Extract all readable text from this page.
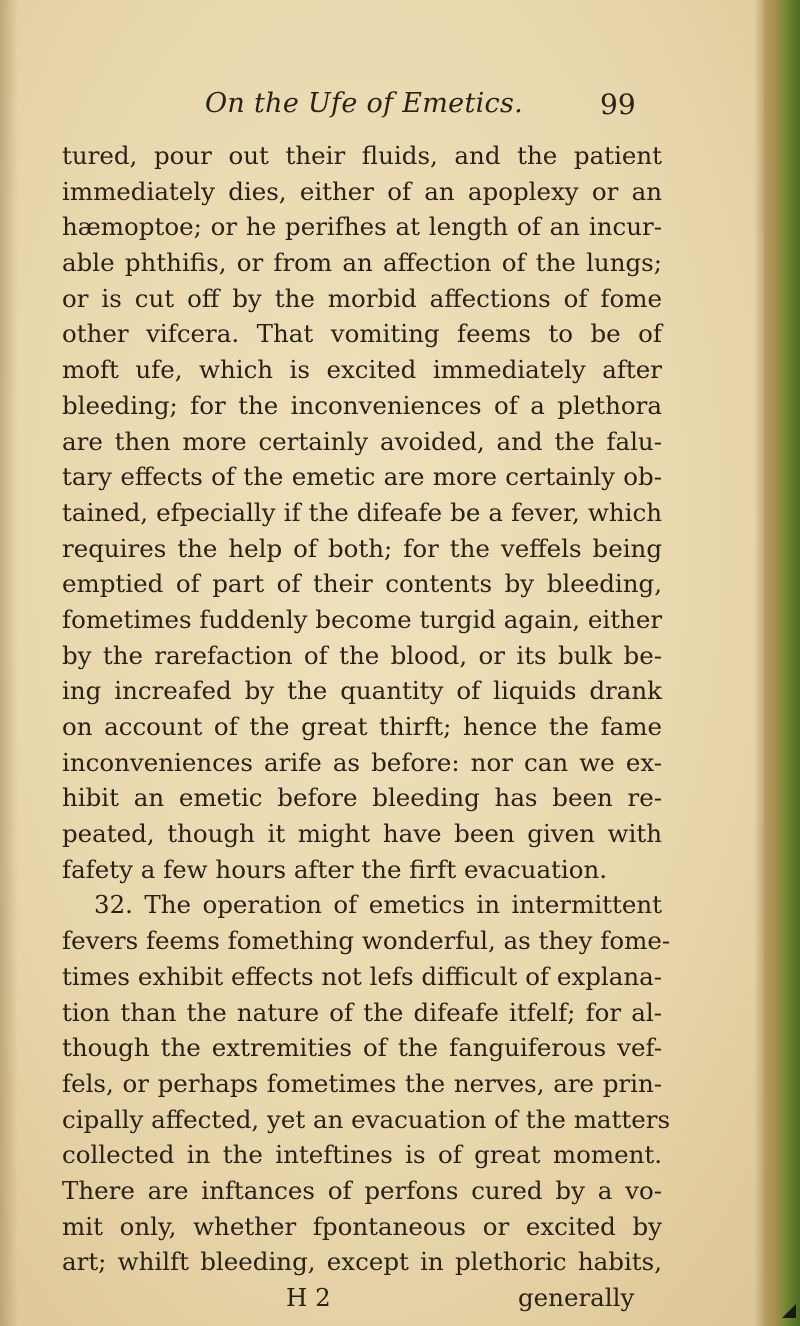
On the Ufe of Emetics.	99
tured, pour out their fluids, and the patient
immediately dies, either of an apoplexy or an
hæmoptoe; or he perifhes at length of an incur-
able phthifis, or from an affection of the lungs;
or is cut off by the morbid affections of fome
other vifcera. That vomiting feems to be of
moft ufe, which is excited immediately after
bleeding; for the inconveniences of a plethora
are then more certainly avoided, and the falu-
tary effects of the emetic are more certainly ob-
tained, efpecially if the difeafe be a fever, which
requires the help of both; for the veffels being
emptied of part of their contents by bleeding,
fometimes fuddenly become turgid again, either
by the rarefaction of the blood, or its bulk be-
ing increafed by the quantity of liquids drank
on account of the great thirft; hence the fame
inconveniences arife as before: nor can we ex-
hibit an emetic before bleeding has been re-
peated, though it might have been given with
fafety a few hours after the firft evacuation.
32. The operation of emetics in intermittent
fevers feems fomething wonderful, as they fome-
times exhibit effects not lefs difficult of explana-
tion than the nature of the difeafe itfelf; for al-
though the extremities of the fanguiferous vef-
fels, or perhaps fometimes the nerves, are prin-
cipally affected, yet an evacuation of the matters
collected in the inteftines is of great moment.
There are inftances of perfons cured by a vo-
mit only, whether fpontaneous or excited by
art; whilft bleeding, except in plethoric habits,
H 2	generally
